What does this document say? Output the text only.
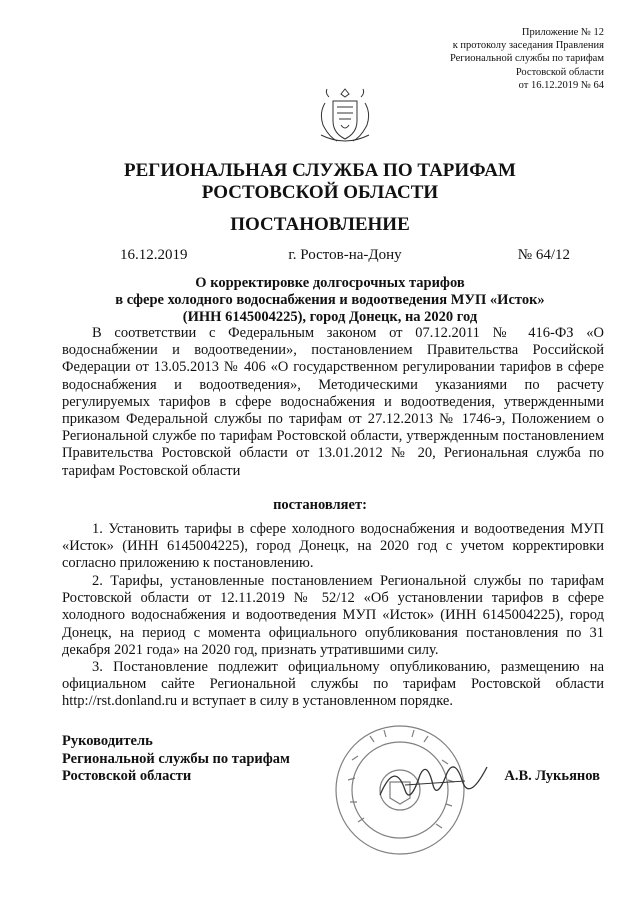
Приложение № 12
к протоколу заседания Правления
Региональной службы по тарифам
Ростовской области
от 16.12.2019 № 64
РЕГИОНАЛЬНАЯ СЛУЖБА ПО ТАРИФАМ
РОСТОВСКОЙ ОБЛАСТИ
ПОСТАНОВЛЕНИЕ
16.12.2019	г. Ростов-на-Дону	№ 64/12
О корректировке долгосрочных тарифов
в сфере холодного водоснабжения и водоотведения МУП «Исток»
(ИНН 6145004225), город Донецк, на 2020 год
В соответствии с Федеральным законом от 07.12.2011 № 416-ФЗ «О водоснабжении и водоотведении», постановлением Правительства Российской Федерации от 13.05.2013 № 406 «О государственном регулировании тарифов в сфере водоснабжения и водоотведения», Методическими указаниями по расчету регулируемых тарифов в сфере водоснабжения и водоотведения, утвержденными приказом Федеральной службы по тарифам от 27.12.2013 № 1746-э, Положением о Региональной службе по тарифам Ростовской области, утвержденным постановлением Правительства Ростовской области от 13.01.2012 № 20, Региональная служба по тарифам Ростовской области
постановляет:
1. Установить тарифы в сфере холодного водоснабжения и водоотведения МУП «Исток» (ИНН 6145004225), город Донецк, на 2020 год с учетом корректировки согласно приложению к постановлению.
2. Тарифы, установленные постановлением Региональной службы по тарифам Ростовской области от 12.11.2019 № 52/12 «Об установлении тарифов в сфере холодного водоснабжения и водоотведения МУП «Исток» (ИНН 6145004225), город Донецк, на период с момента официального опубликования постановления по 31 декабря 2021 года» на 2020 год, признать утратившими силу.
3. Постановление подлежит официальному опубликованию, размещению на официальном сайте Региональной службы по тарифам Ростовской области http://rst.donland.ru и вступает в силу в установленном порядке.
Руководитель
Региональной службы по тарифам
Ростовской области	А.В. Лукьянов
